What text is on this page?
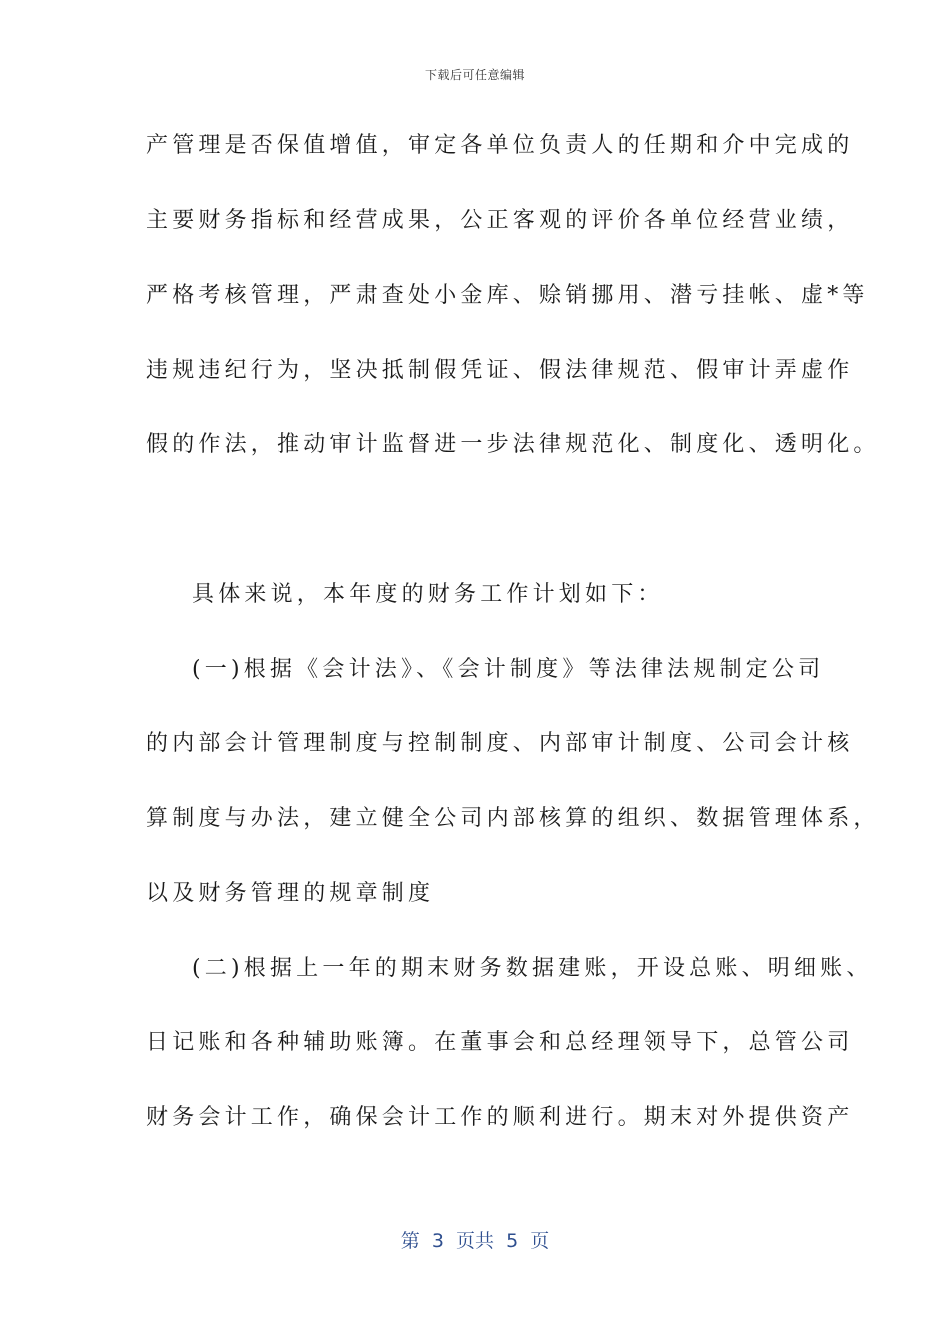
下载后可任意编辑
产管理是否保值增值，审定各单位负责人的任期和介中完成的
主要财务指标和经营成果，公正客观的评价各单位经营业绩，
严格考核管理，严肃查处小金库、赊销挪用、潜亏挂帐、虚*等
违规违纪行为，坚决抵制假凭证、假法律规范、假审计弄虚作
假的作法，推动审计监督进一步法律规范化、制度化、透明化。
具体来说，本年度的财务工作计划如下：
(一)根据《会计法》、《会计制度》等法律法规制定公司
的内部会计管理制度与控制制度、内部审计制度、公司会计核
算制度与办法，建立健全公司内部核算的组织、数据管理体系，
以及财务管理的规章制度
(二)根据上一年的期末财务数据建账，开设总账、明细账、
日记账和各种辅助账簿。在董事会和总经理领导下，总管公司
财务会计工作，确保会计工作的顺利进行。期末对外提供资产
第  3  页共  5  页
